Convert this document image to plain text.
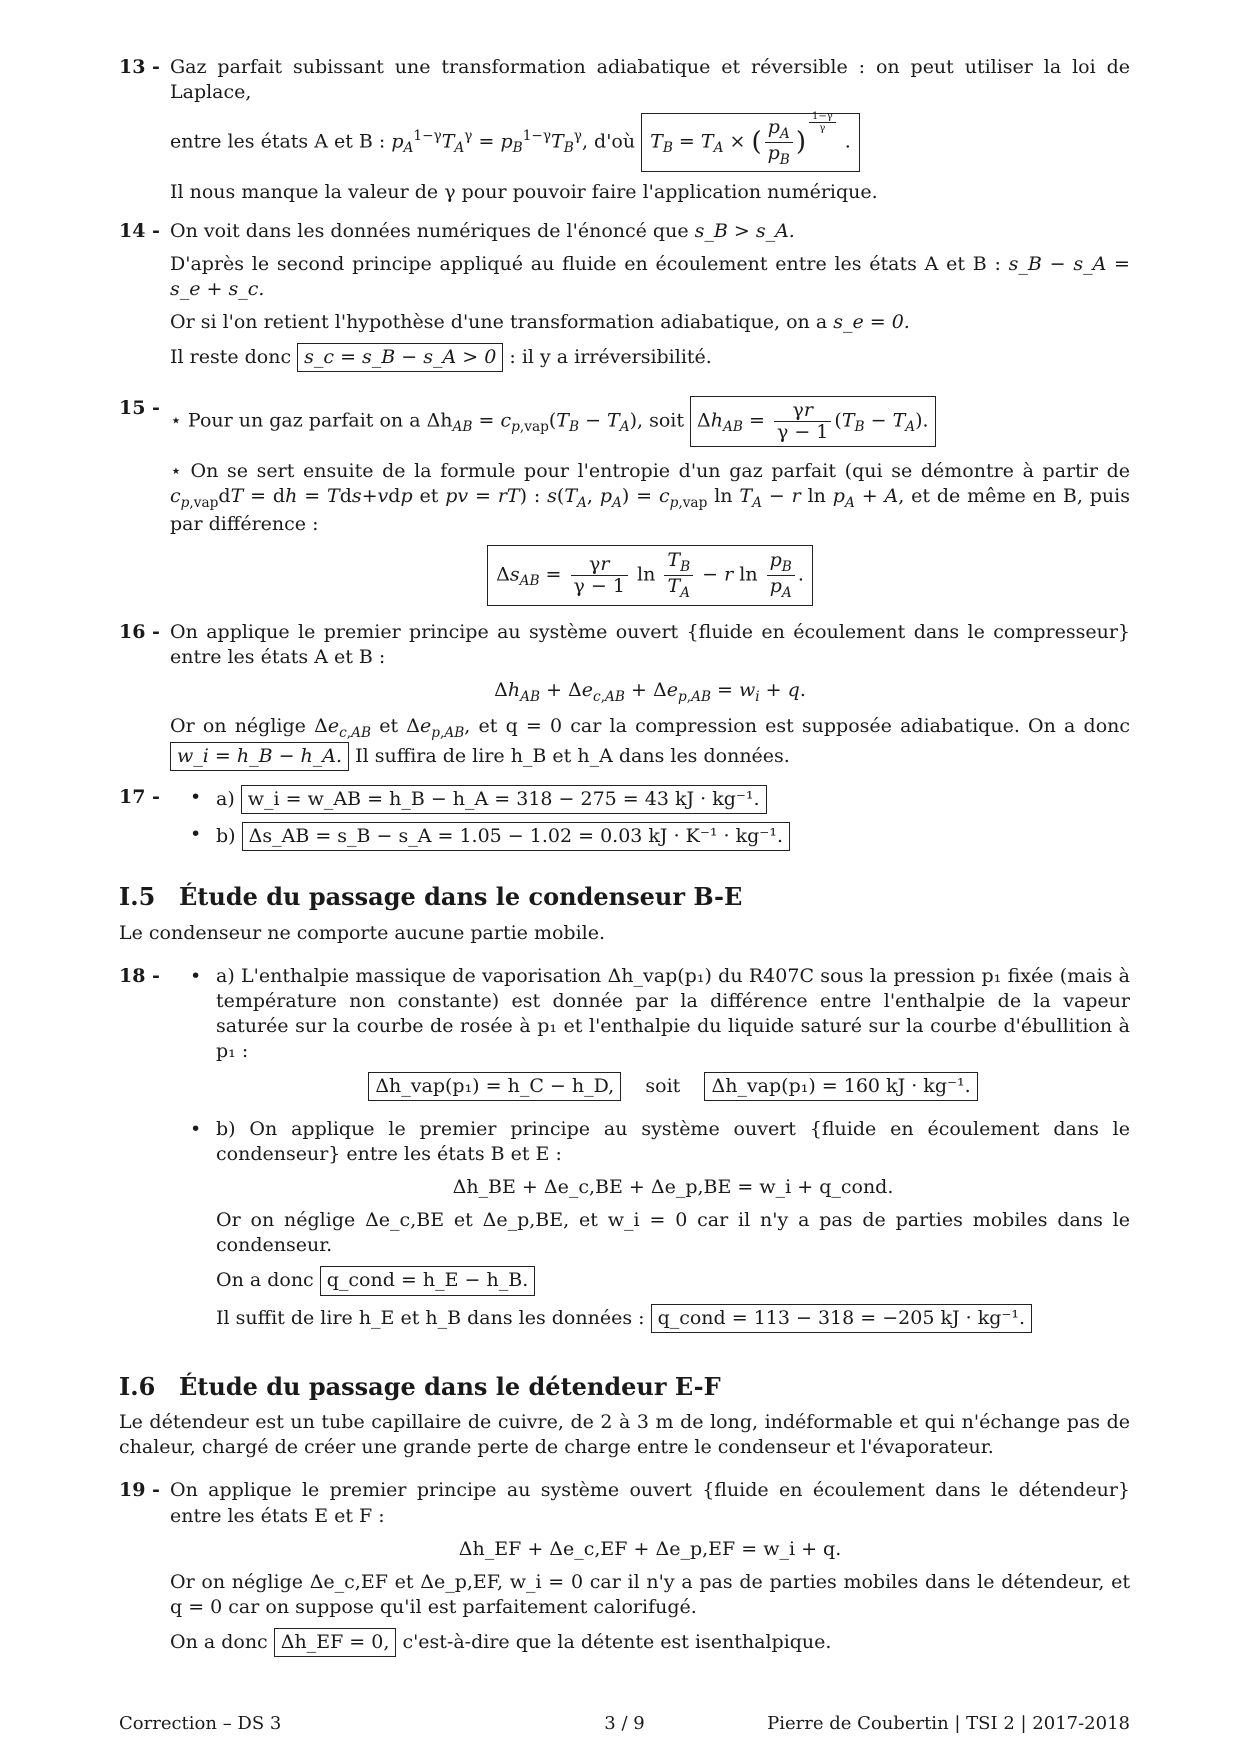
13 - Gaz parfait subissant une transformation adiabatique et réversible : on peut utiliser la loi de Laplace,

entre les états A et B : $p_A^{1-\gamma}T_A^\gamma = p_B^{1-\gamma}T_B^\gamma$, d'où $T_B = T_A$ × ( $\frac{p_A}{p_B}$ )
$^{\frac{1-\gamma}{\gamma}}$
.

Il nous manque la valeur de γ pour pouvoir faire l'application numérique.

14 - On voit dans les données numériques de l'énoncé que s_B > s_A.

D'après le second principe appliqué au fluide en écoulement entre les états A et B : s_B − s_A = s_e + s_c.

Or si l'on retient l'hypothèse d'une transformation adiabatique, on a s_e = 0.

Il reste donc s_c = s_B − s_A > 0 : il y a irréversibilité.

15 -

⋆ Pour un gaz parfait on a $\Delta h_{AB} = c_{p,vap}(T_B - T_A)$, soit $\Delta h_{AB} = \frac{\gamma r}{\gamma - 1} (T_B - T_A)$.

⋆ On se sert ensuite de la formule pour l'entropie d'un gaz parfait (qui se démontre à partir de $c_{p,vap}dT$ = dh = Tds+vdp et pv = rT) : $s(T_A$, $p_A) = c_{p,vap}$ $\ln T_A - r$ $\ln p_A + A$, et de même en B, puis par différence :

$\Delta s_{AB} = \frac{\gamma r}{\gamma - 1}$ $\ln \frac{T_B}{T_A} - r$ $\ln \frac{p_B}{p_A}$ .
16 - On applique le premier principe au système ouvert {fluide en écoulement dans le compresseur} entre les états A et B :

$\Delta h_{AB} + \Delta e_{c,AB} + \Delta e_{p,AB} = w_i + q$.

Or on néglige $\Delta e_{c,AB}$ et $\Delta e_{p,AB}$, et q = 0 car la compression est supposée adiabatique. On a donc w_i = h_B − h_A. Il suffira de lire h_B et h_A dans les données.

17 -	• a) w_i = w_AB = h_B − h_A = 318 − 275 = 43 kJ · kg⁻¹.
• b) Δs_AB = s_B − s_A = 1.05 − 1.02 = 0.03 kJ · K⁻¹ · kg⁻¹.
I.5 Étude du passage dans le condenseur B-E

Le condenseur ne comporte aucune partie mobile.

18 -	• a) L'enthalpie massique de vaporisation Δh_vap(p₁) du R407C sous la pression p₁ fixée (mais à température non constante) est donnée par la différence entre l'enthalpie de la vapeur saturée sur la courbe de rosée à p₁ et l'enthalpie du liquide saturé sur la courbe d'ébullition à p₁ :

Δh_vap(p₁) = h_C − h_D, soit Δh_vap(p₁) = 160 kJ · kg⁻¹.
• b) On applique le premier principe au système ouvert {fluide en écoulement dans le condenseur} entre les états B et E :

Δh_BE + Δe_c,BE + Δe_p,BE = w_i + q_cond.

Or on néglige Δe_c,BE et Δe_p,BE, et w_i = 0 car il n'y a pas de parties mobiles dans le condenseur.

On a donc q_cond = h_E − h_B.

Il suffit de lire h_E et h_B dans les données : q_cond = 113 − 318 = −205 kJ · kg⁻¹.

I.6 Étude du passage dans le détendeur E-F

Le détendeur est un tube capillaire de cuivre, de 2 à 3 m de long, indéformable et qui n'échange pas de chaleur, chargé de créer une grande perte de charge entre le condenseur et l'évaporateur.

19 - On applique le premier principe au système ouvert {fluide en écoulement dans le détendeur} entre les états E et F :

Δh_EF + Δe_c,EF + Δe_p,EF = w_i + q.

Or on néglige Δe_c,EF et Δe_p,EF, w_i = 0 car il n'y a pas de parties mobiles dans le détendeur, et q = 0 car on suppose qu'il est parfaitement calorifugé.

On a donc Δh_EF = 0, c'est-à-dire que la détente est isenthalpique.

Correction – DS 3	3 / 9	Pierre de Coubertin | TSI 2 | 2017-2018
